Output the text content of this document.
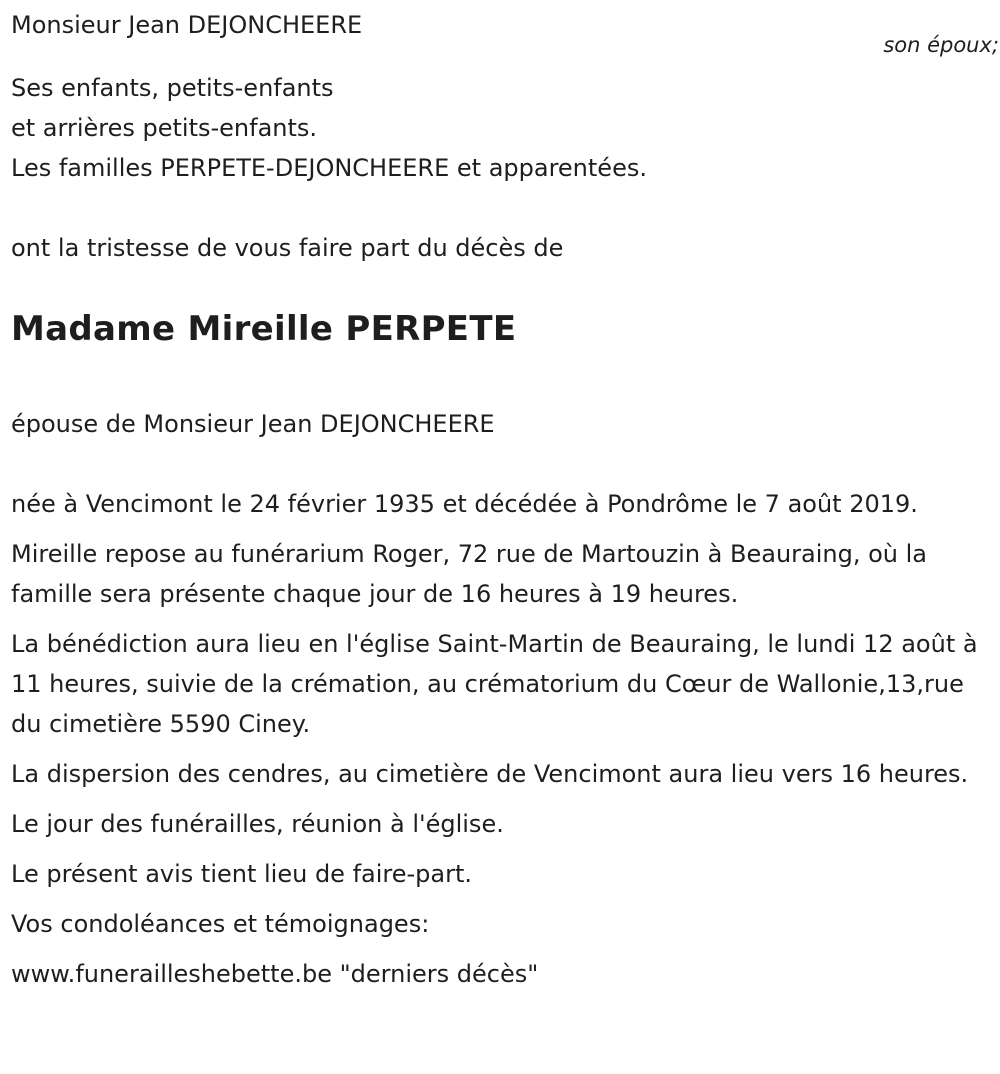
Monsieur Jean DEJONCHEERE

son époux;

Ses enfants, petits-enfants

et arrières petits-enfants.

Les familles PERPETE-DEJONCHEERE et apparentées.

ont la tristesse de vous faire part du décès de

Madame Mireille PERPETE

épouse de Monsieur Jean DEJONCHEERE

née à Vencimont le 24 février 1935 et décédée à Pondrôme le 7 août 2019.

Mireille repose au funérarium Roger, 72 rue de Martouzin à Beauraing, où la famille sera présente chaque jour de 16 heures à 19 heures.

La bénédiction aura lieu en l'église Saint-Martin de Beauraing, le lundi 12 août à 11 heures, suivie de la crémation, au crématorium du Cœur de Wallonie,13,rue du cimetière 5590 Ciney.

La dispersion des cendres, au cimetière de Vencimont aura lieu vers 16 heures.

Le jour des funérailles, réunion à l'église.

Le présent avis tient lieu de faire-part.

Vos condoléances et témoignages:

www.funerailleshebette.be "derniers décès"
